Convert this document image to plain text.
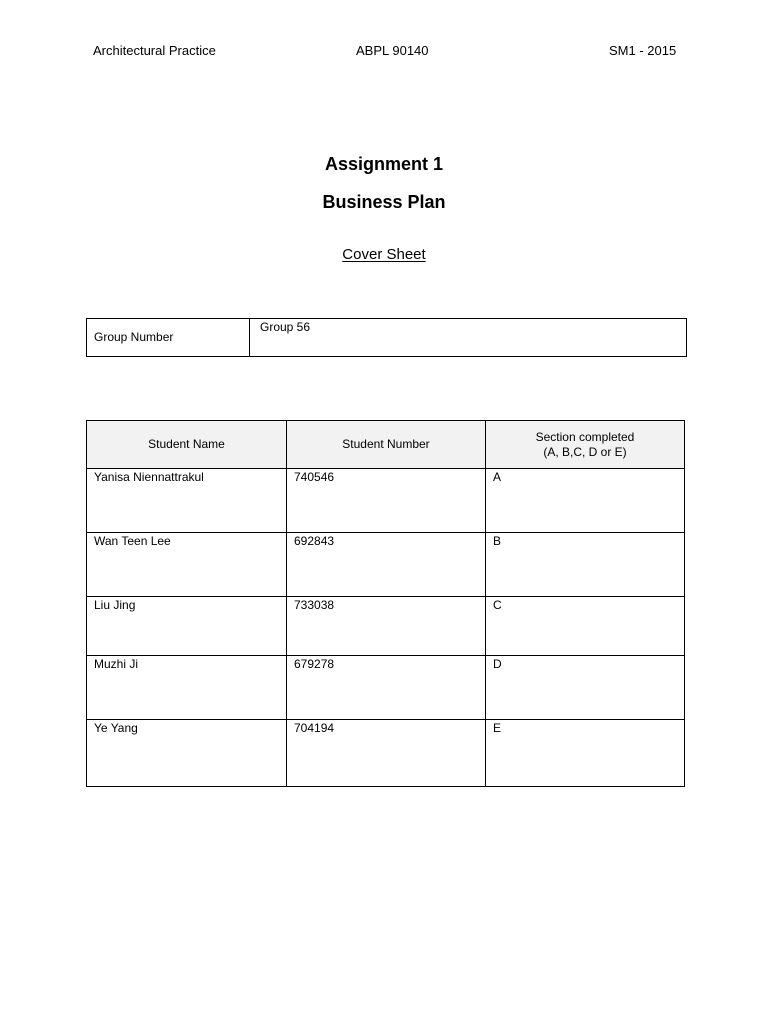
Architectural Practice	ABPL 90140	SM1 - 2015
Assignment 1
Business Plan
Cover Sheet
Group Number

Group 56
Student Name	Student Number	Section completed
(A, B,C, D or E)

Yanisa Niennattrakul	740546	A

Wan Teen Lee	692843	B

Liu Jing	733038	C

Muzhi Ji	679278	D

Ye Yang	704194	E
